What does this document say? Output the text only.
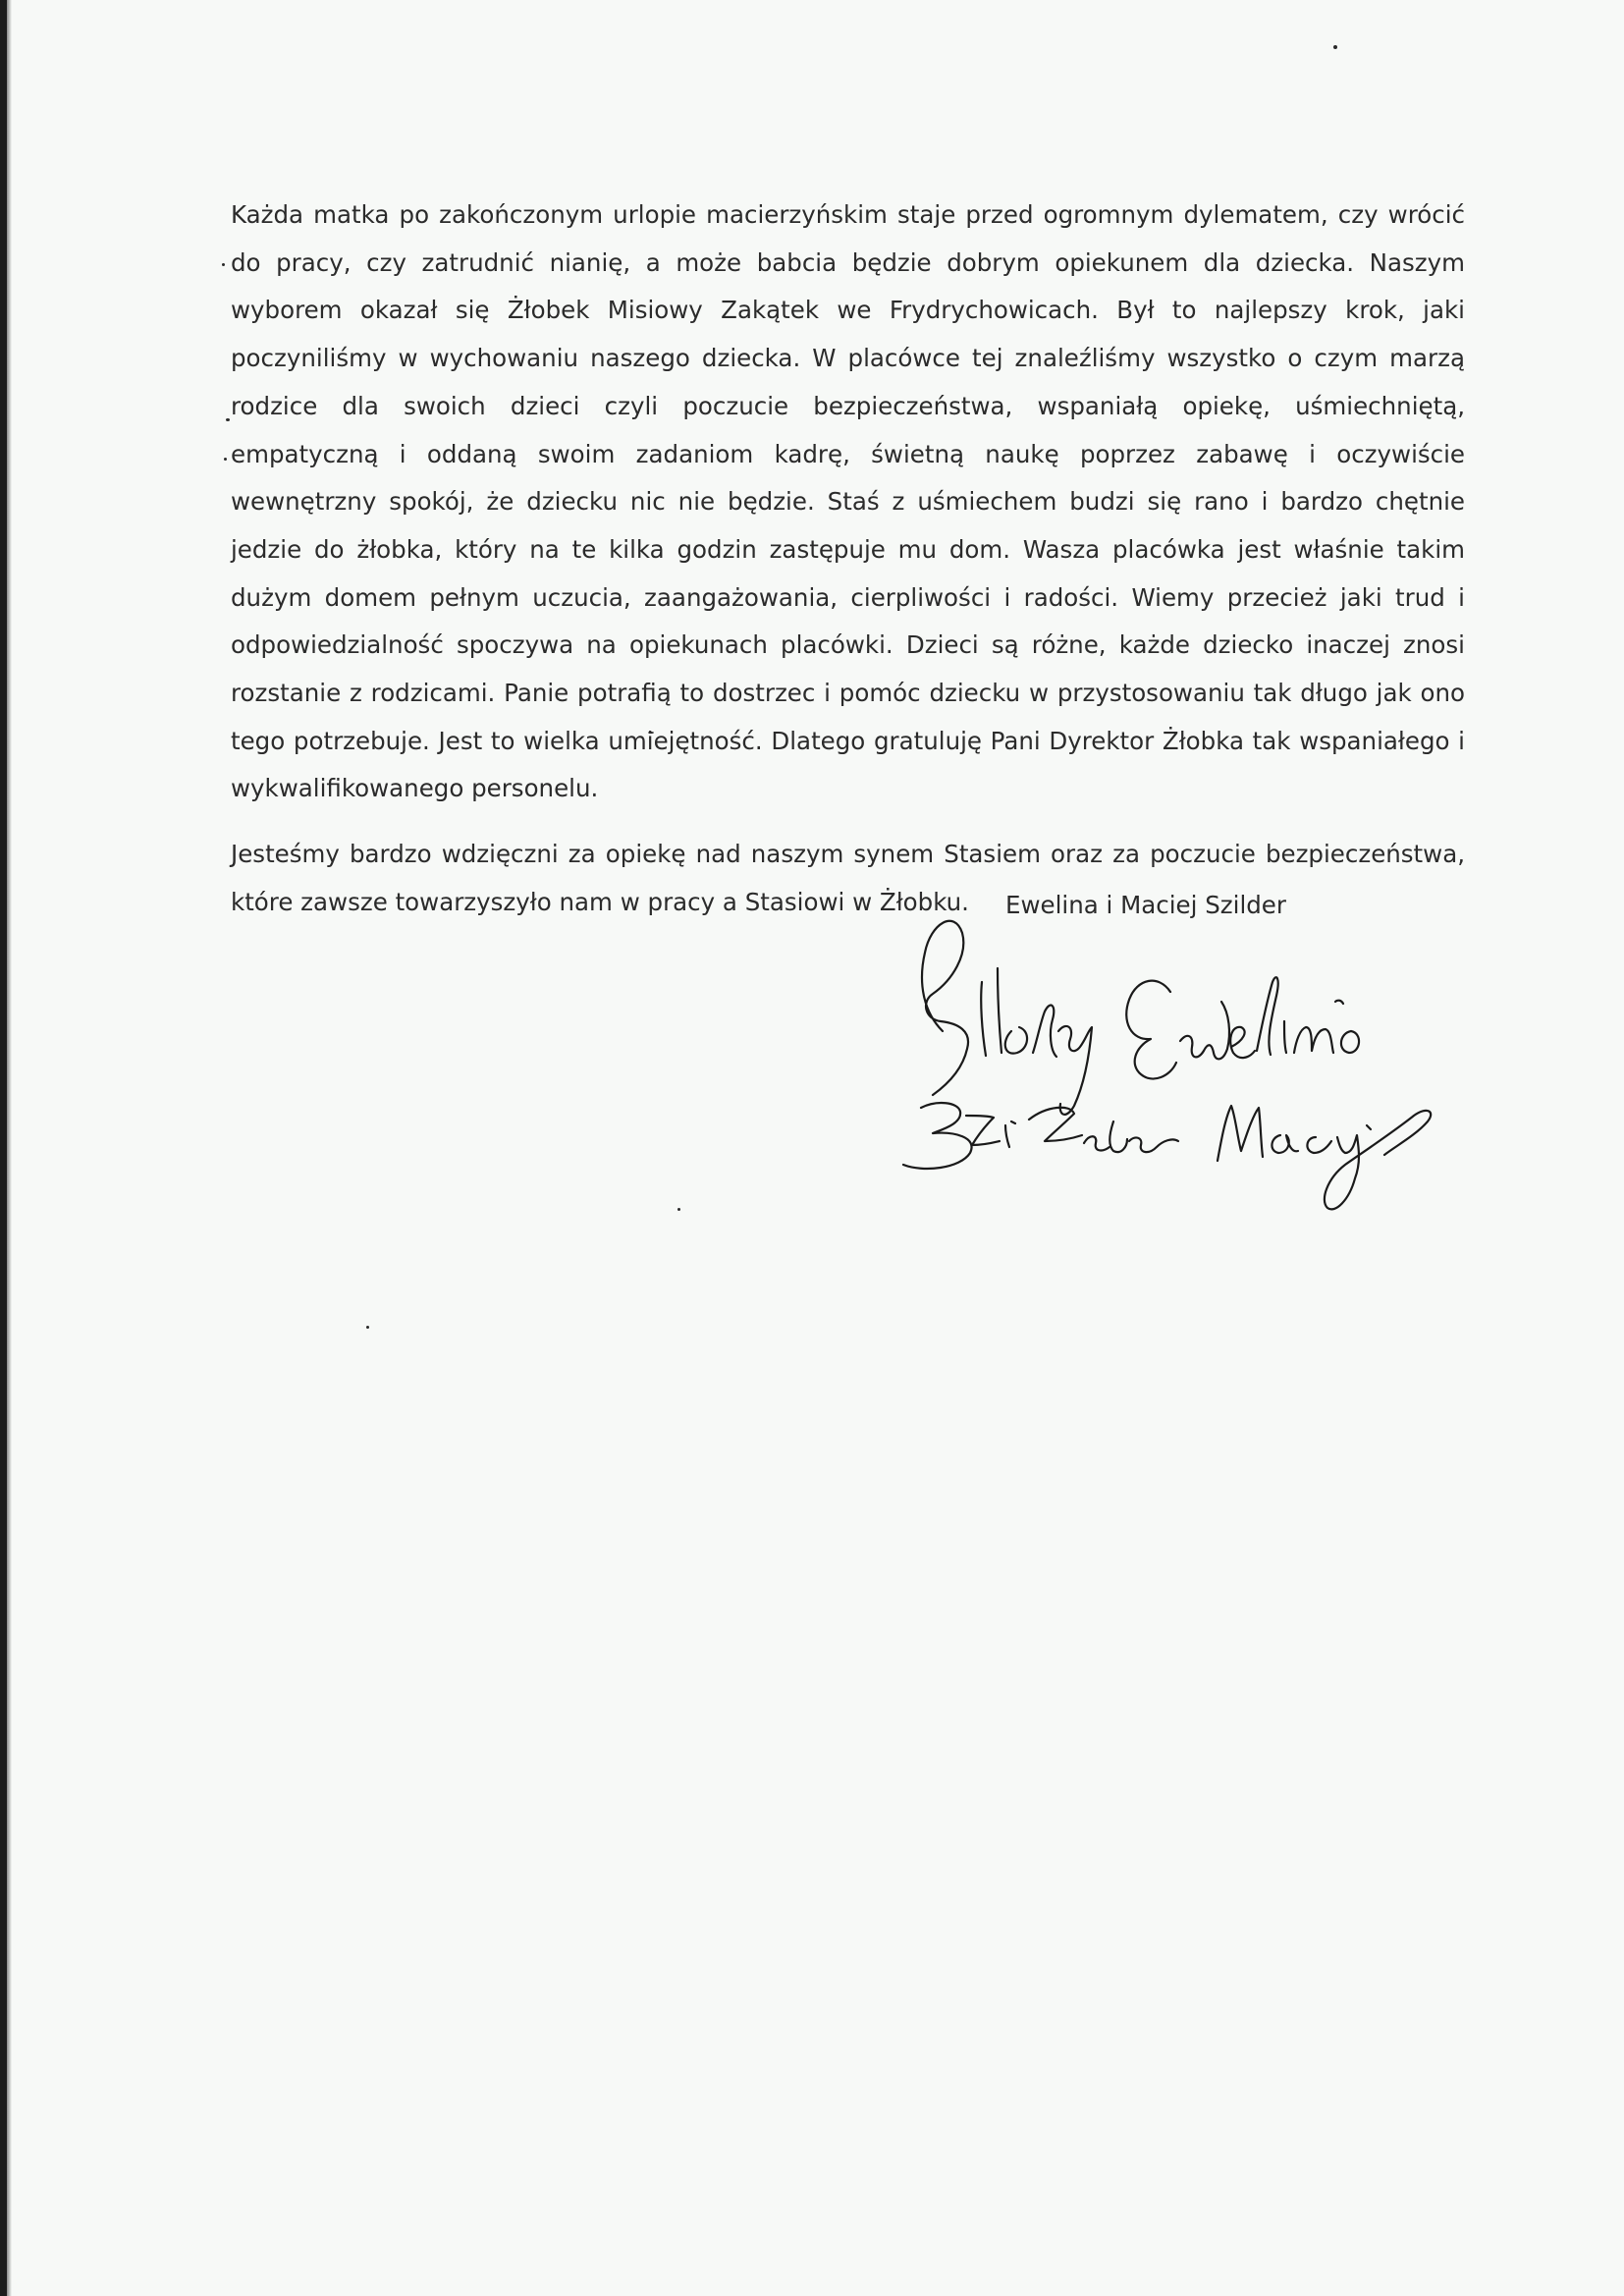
Każda matka po zakończonym urlopie macierzyńskim staje przed ogromnym dylematem, czy wrócić do pracy, czy zatrudnić nianię, a może babcia będzie dobrym opiekunem dla dziecka. Naszym wyborem okazał się Żłobek Misiowy Zakątek we Frydrychowicach. Był to najlepszy krok, jaki poczyniliśmy w wychowaniu naszego dziecka. W placówce tej znaleźliśmy wszystko o czym marzą rodzice dla swoich dzieci czyli poczucie bezpieczeństwa, wspaniałą opiekę, uśmiechniętą, empatyczną i oddaną swoim zadaniom kadrę, świetną naukę poprzez zabawę i oczywiście wewnętrzny spokój, że dziecku nic nie będzie. Staś z uśmiechem budzi się rano i bardzo chętnie jedzie do żłobka, który na te kilka godzin zastępuje mu dom. Wasza placówka jest właśnie takim dużym domem pełnym uczucia, zaangażowania, cierpliwości i radości. Wiemy przecież jaki trud i odpowiedzialność spoczywa na opiekunach placówki. Dzieci są różne, każde dziecko inaczej znosi rozstanie z rodzicami. Panie potrafią to dostrzec i pomóc dziecku w przystosowaniu tak długo jak ono tego potrzebuje. Jest to wielka umiejętność. Dlatego gratuluję Pani Dyrektor Żłobka tak wspaniałego i wykwalifikowanego personelu.

Jesteśmy bardzo wdzięczni za opiekę nad naszym synem Stasiem oraz za poczucie bezpieczeństwa, które zawsze towarzyszyło nam w pracy a Stasiowi w Żłobku.	Ewelina i Maciej Szilder
